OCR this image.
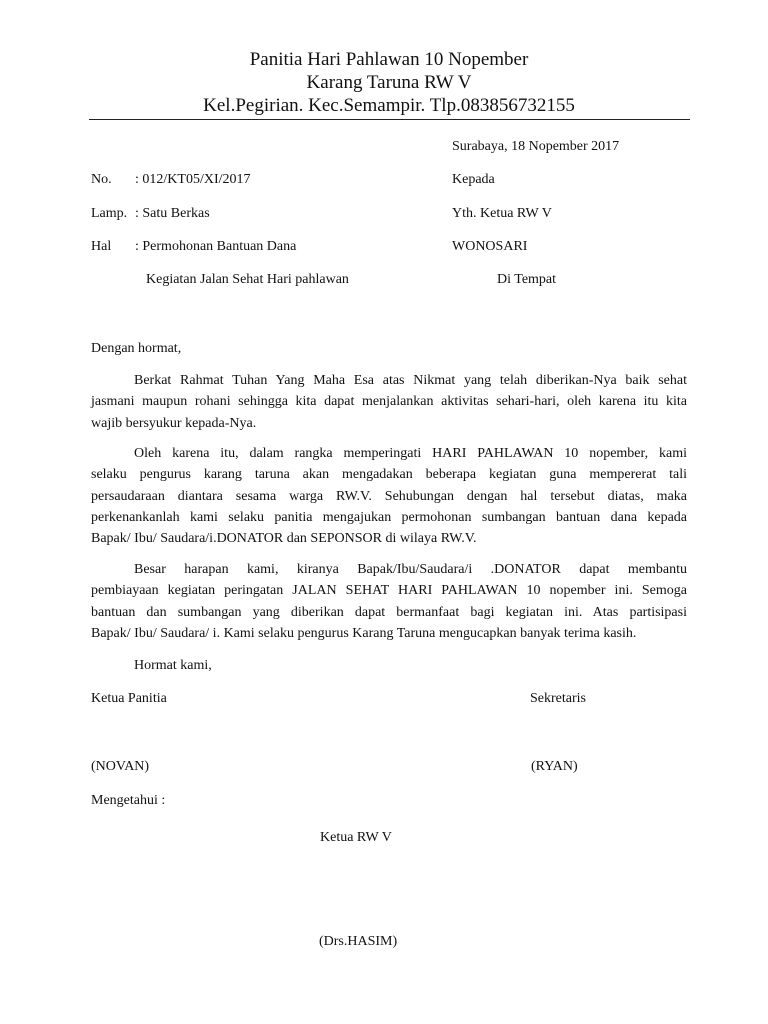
Panitia Hari Pahlawan 10 Nopember
Karang Taruna RW V
Kel.Pegirian. Kec.Semampir. Tlp.083856732155
Surabaya, 18 Nopember 2017
No. : 012/KT05/XI/2017
Lamp. : Satu Berkas
Hal : Permohonan Bantuan Dana
Kegiatan Jalan Sehat Hari pahlawan
Kepada
Yth. Ketua RW V
WONOSARI
Di Tempat
Dengan hormat,
Berkat Rahmat Tuhan Yang Maha Esa atas Nikmat yang telah diberikan-Nya baik sehat
jasmani maupun rohani sehingga kita dapat menjalankan aktivitas sehari-hari, oleh karena itu kita
wajib bersyukur kepada-Nya.
Oleh karena itu, dalam rangka memperingati HARI PAHLAWAN 10 nopember, kami
selaku pengurus karang taruna akan mengadakan beberapa kegiatan guna mempererat tali
persaudaraan diantara sesama warga RW.V. Sehubungan dengan hal tersebut diatas, maka
perkenankanlah kami selaku panitia mengajukan permohonan sumbangan bantuan dana kepada
Bapak/ Ibu/ Saudara/i.DONATOR dan SEPONSOR di wilaya RW.V.
Besar harapan kami, kiranya Bapak/Ibu/Saudara/i .DONATOR dapat membantu
pembiayaan kegiatan peringatan JALAN SEHAT HARI PAHLAWAN 10 nopember ini. Semoga
bantuan dan sumbangan yang diberikan dapat bermanfaat bagi kegiatan ini. Atas partisipasi
Bapak/ Ibu/ Saudara/ i. Kami selaku pengurus Karang Taruna mengucapkan banyak terima kasih.
Hormat kami,
Ketua Panitia	Sekretaris
(NOVAN)	(RYAN)
Mengetahui :
Ketua RW V
(Drs.HASIM)
